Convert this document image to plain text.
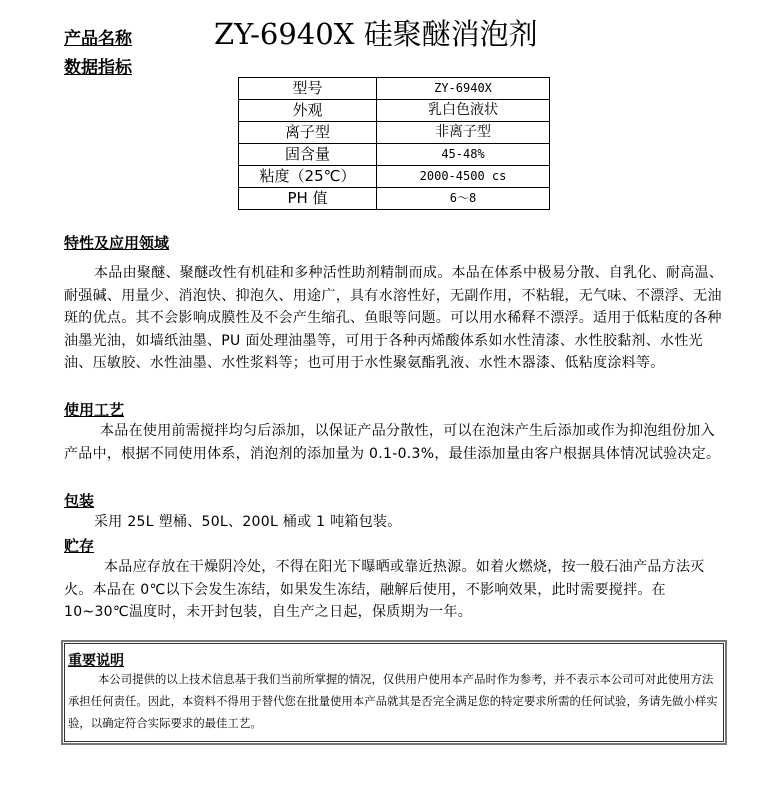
产品名称
数据指标
ZY-6940X 硅聚醚消泡剂
型号	ZY-6940X
外观	乳白色液状
离子型	非离子型
固含量	45-48%
粘度（25℃）	2000-4500 cs
PH 值	6～8
特性及应用领域
本品由聚醚、聚醚改性有机硅和多种活性助剂精制而成。本品在体系中极易分散、自乳化、耐高温、耐强碱、用量少、消泡快、抑泡久、用途广，具有水溶性好，无副作用，不粘辊，无气味、不漂浮、无油斑的优点。其不会影响成膜性及不会产生缩孔、鱼眼等问题。可以用水稀释不漂浮。适用于低粘度的各种油墨光油，如墙纸油墨、PU 面处理油墨等，可用于各种丙烯酸体系如水性清漆、水性胶黏剂、水性光油、压敏胶、水性油墨、水性浆料等；也可用于水性聚氨酯乳液、水性木器漆、低粘度涂料等。
使用工艺
本品在使用前需搅拌均匀后添加，以保证产品分散性，可以在泡沫产生后添加或作为抑泡组份加入产品中，根据不同使用体系，消泡剂的添加量为 0.1-0.3%，最佳添加量由客户根据具体情况试验决定。
包装
采用 25L 塑桶、50L、200L 桶或 1 吨箱包装。
贮存
本品应存放在干燥阴冷处，不得在阳光下曝晒或靠近热源。如着火燃烧，按一般石油产品方法灭火。本品在 0℃以下会发生冻结，如果发生冻结，融解后使用，不影响效果，此时需要搅拌。在 10~30℃温度时，未开封包装，自生产之日起，保质期为一年。
重要说明
本公司提供的以上技术信息基于我们当前所掌握的情况，仅供用户使用本产品时作为参考，并不表示本公司可对此使用方法承担任何责任。因此，本资料不得用于替代您在批量使用本产品就其是否完全满足您的特定要求所需的任何试验，务请先做小样实验，以确定符合实际要求的最佳工艺。
